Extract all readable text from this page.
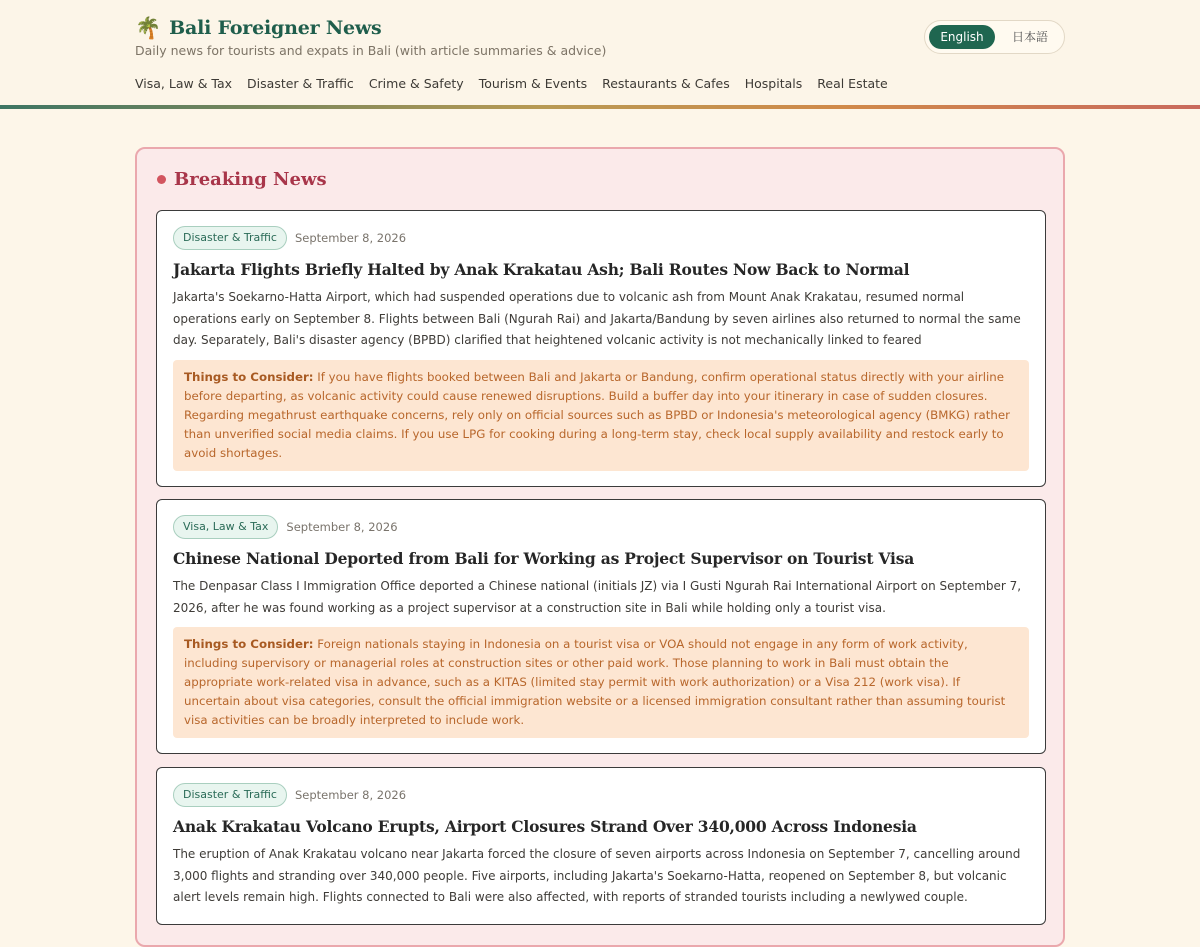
🌴 Bali Foreigner News
Daily news for tourists and expats in Bali (with article summaries & advice)
Visa, Law & Tax Disaster & Traffic Crime & Safety Tourism & Events Restaurants & Cafes Hospitals Real Estate
English	日本語
Breaking News
Disaster & Traffic	September 8, 2026
Jakarta Flights Briefly Halted by Anak Krakatau Ash; Bali Routes Now Back to Normal

Jakarta's Soekarno-Hatta Airport, which had suspended operations due to volcanic ash from Mount Anak Krakatau, resumed normal operations early on September 8. Flights between Bali (Ngurah Rai) and Jakarta/Bandung by seven airlines also returned to normal the same day. Separately, Bali's disaster agency (BPBD) clarified that heightened volcanic activity is not mechanically linked to feared

Things to Consider: If you have flights booked between Bali and Jakarta or Bandung, confirm operational status directly with your airline before departing, as volcanic activity could cause renewed disruptions. Build a buffer day into your itinerary in case of sudden closures. Regarding megathrust earthquake concerns, rely only on official sources such as BPBD or Indonesia's meteorological agency (BMKG) rather than unverified social media claims. If you use LPG for cooking during a long-term stay, check local supply availability and restock early to avoid shortages.
Visa, Law & Tax	September 8, 2026
Chinese National Deported from Bali for Working as Project Supervisor on Tourist Visa

The Denpasar Class I Immigration Office deported a Chinese national (initials JZ) via I Gusti Ngurah Rai International Airport on September 7, 2026, after he was found working as a project supervisor at a construction site in Bali while holding only a tourist visa.

Things to Consider: Foreign nationals staying in Indonesia on a tourist visa or VOA should not engage in any form of work activity, including supervisory or managerial roles at construction sites or other paid work. Those planning to work in Bali must obtain the appropriate work-related visa in advance, such as a KITAS (limited stay permit with work authorization) or a Visa 212 (work visa). If uncertain about visa categories, consult the official immigration website or a licensed immigration consultant rather than assuming tourist visa activities can be broadly interpreted to include work.
Disaster & Traffic	September 8, 2026
Anak Krakatau Volcano Erupts, Airport Closures Strand Over 340,000 Across Indonesia

The eruption of Anak Krakatau volcano near Jakarta forced the closure of seven airports across Indonesia on September 7, cancelling around 3,000 flights and stranding over 340,000 people. Five airports, including Jakarta's Soekarno-Hatta, reopened on September 8, but volcanic alert levels remain high. Flights connected to Bali were also affected, with reports of stranded tourists including a newlywed couple.
